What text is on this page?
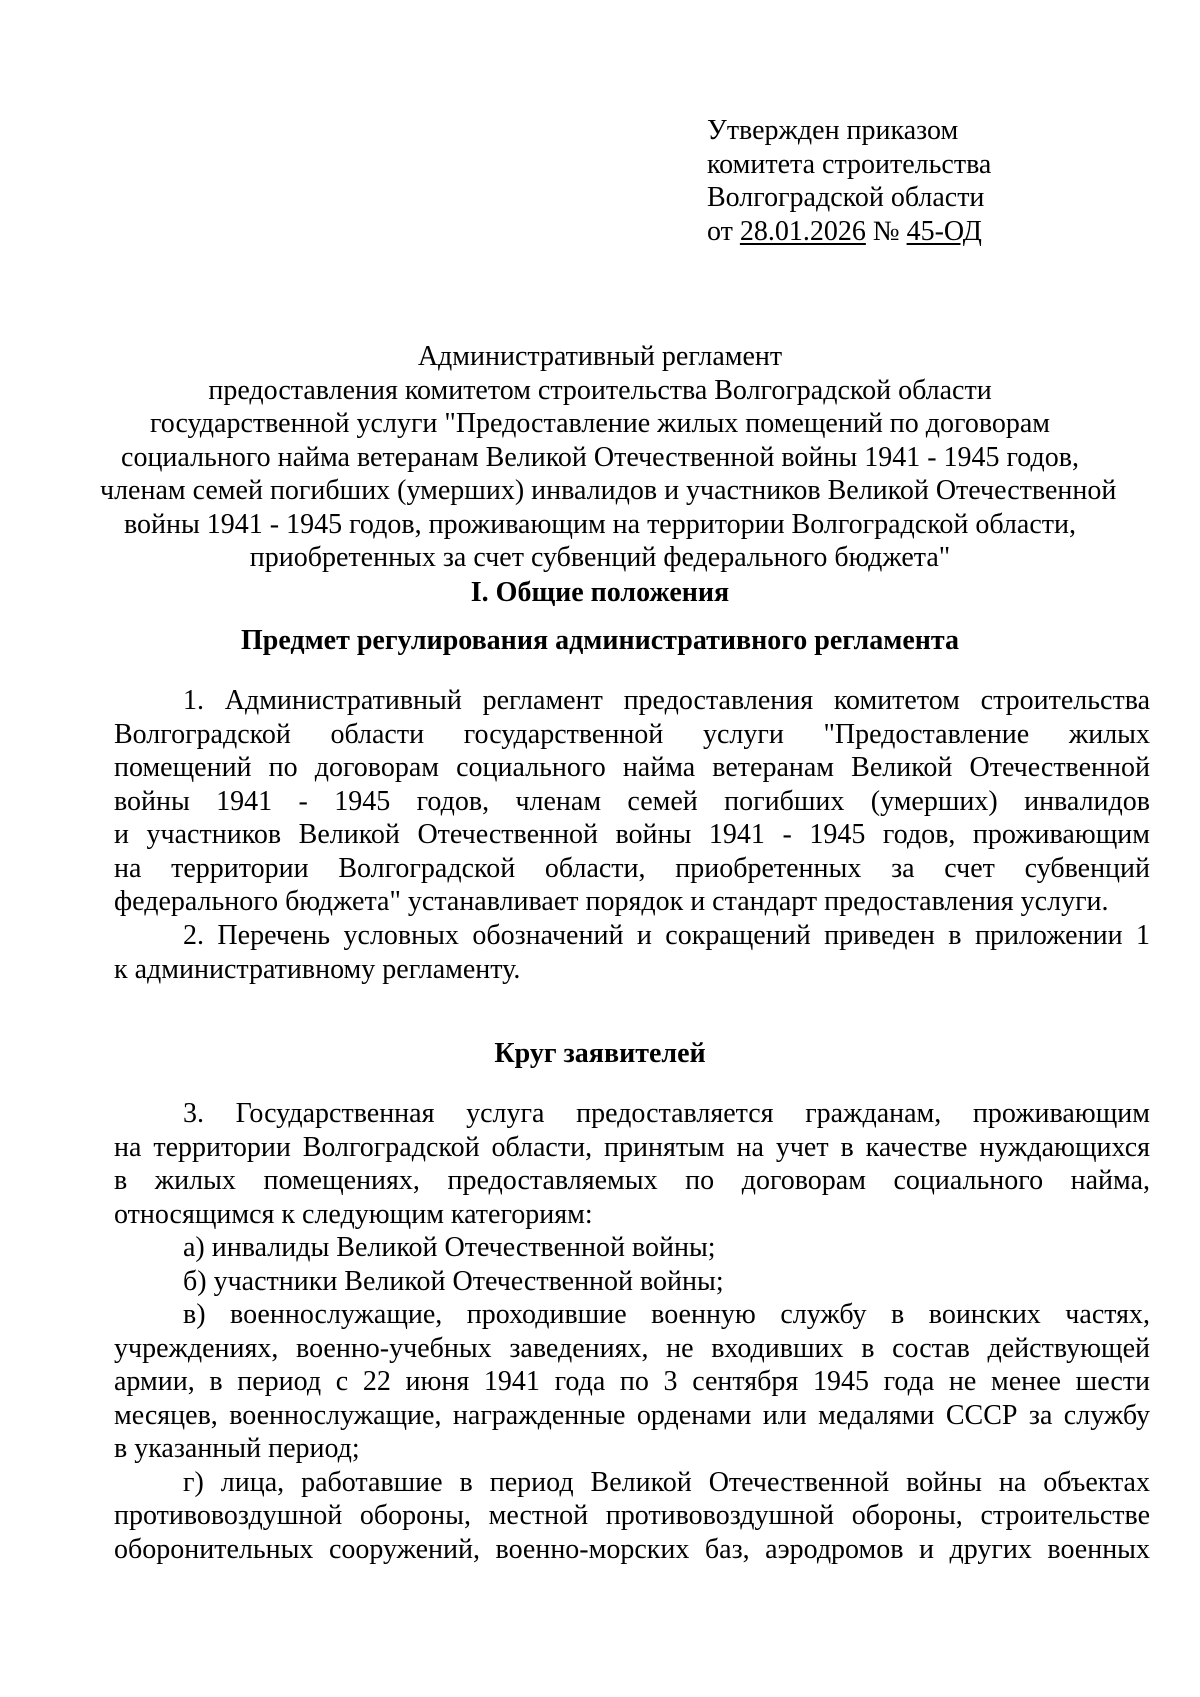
Утвержден приказом
комитета строительства
Волгоградской области
от 28.01.2026 № 45-ОД
Административный регламент
предоставления комитетом строительства Волгоградской области
государственной услуги "Предоставление жилых помещений по договорам
социального найма ветеранам Великой Отечественной войны 1941 - 1945 годов,
членам семей погибших (умерших) инвалидов и участников Великой Отечественной
войны 1941 - 1945 годов, проживающим на территории Волгоградской области,
приобретенных за счет субвенций федерального бюджета"
I. Общие положения
Предмет регулирования административного регламента
1. Административный регламент предоставления комитетом строительства
Волгоградской области государственной услуги "Предоставление жилых
помещений по договорам социального найма ветеранам Великой Отечественной
войны 1941 - 1945 годов, членам семей погибших (умерших) инвалидов
и участников Великой Отечественной войны 1941 - 1945 годов, проживающим
на территории Волгоградской области, приобретенных за счет субвенций
федерального бюджета" устанавливает порядок и стандарт предоставления услуги.
2. Перечень условных обозначений и сокращений приведен в приложении 1
к административному регламенту.
Круг заявителей
3. Государственная услуга предоставляется гражданам, проживающим
на территории Волгоградской области, принятым на учет в качестве нуждающихся
в жилых помещениях, предоставляемых по договорам социального найма,
относящимся к следующим категориям:
а) инвалиды Великой Отечественной войны;
б) участники Великой Отечественной войны;
в) военнослужащие, проходившие военную службу в воинских частях,
учреждениях, военно-учебных заведениях, не входивших в состав действующей
армии, в период с 22 июня 1941 года по 3 сентября 1945 года не менее шести
месяцев, военнослужащие, награжденные орденами или медалями СССР за службу
в указанный период;
г) лица, работавшие в период Великой Отечественной войны на объектах
противовоздушной обороны, местной противовоздушной обороны, строительстве
оборонительных сооружений, военно-морских баз, аэродромов и других военных
